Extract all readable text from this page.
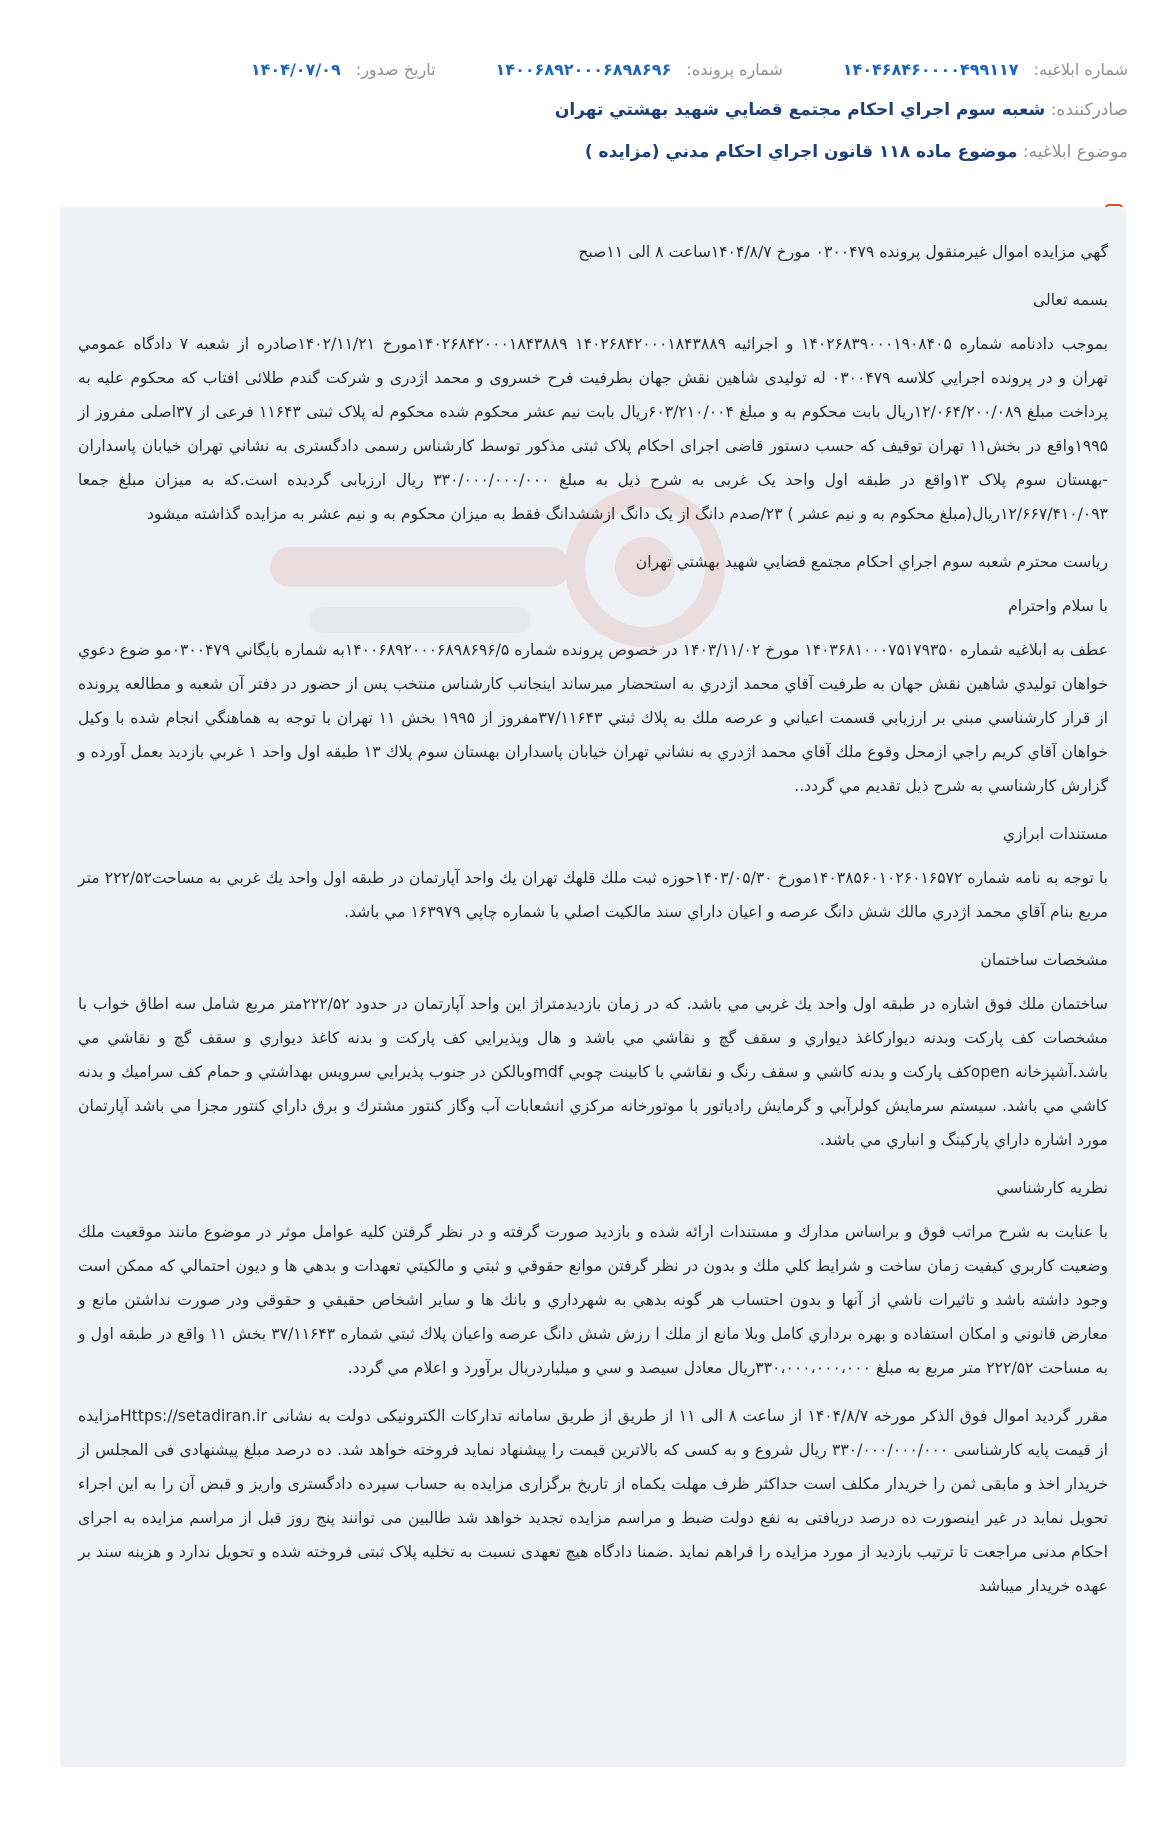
شماره ابلاغيه: ۱۴۰۴۶۸۴۶۰۰۰۰۴۹۹۱۱۷
شماره پرونده: ۱۴۰۰۶۸۹۲۰۰۰۶۸۹۸۶۹۶
تاريخ صدور: ۱۴۰۴/۰۷/۰۹
صادرکننده: شعبه سوم اجراي احكام مجتمع قضايي شهيد بهشتي تهران
موضوع ابلاغيه: موضوع ماده ۱۱۸ قانون اجراي احكام مدني (مزايده )

گهي مزايده اموال غيرمنقول پرونده ۰۳۰۰۴۷۹ مورخ ۱۴۰۴/۸/۷ساعت ۸ الی ۱۱صبح

بسمه تعالی

بموجب دادنامه شماره ۱۴۰۲۶۸۳۹۰۰۰۱۹۰۸۴۰۵ و اجرائیه ۱۴۰۲۶۸۴۲۰۰۰۱۸۴۳۸۸۹ ۱۴۰۲۶۸۴۲۰۰۰۱۸۴۳۸۸۹مورخ ۱۴۰۲/۱۱/۲۱صادره از شعبه ۷ دادگاه عمومي تهران و در پرونده اجرايي کلاسه ۰۳۰۰۴۷۹ له تولیدی شاهین نقش جهان بطرفیت فرح خسروی و محمد اژدری و شرکت گندم طلائی افتاب که محکوم علیه به پرداخت مبلغ ۱۲/۰۶۴/۲۰۰/۰۸۹ریال بابت محکوم به و مبلغ ۶۰۳/۲۱۰/۰۰۴ریال بابت نیم عشر محکوم شده محکوم له پلاک ثبتی ۱۱۶۴۳ فرعی از ۳۷اصلی مفروز از ۱۹۹۵واقع در بخش۱۱ تهران توقیف که حسب دستور قاضی اجرای احکام پلاک ثبتی مذکور توسط کارشناس رسمی دادگستری به نشاني تهران خيابان پاسداران -بهستان سوم پلاک ۱۳واقع در طبقه اول واحد یک غربی به شرح ذیل به مبلغ ۳۳۰/۰۰۰/۰۰۰/۰۰۰ ريال ارزيابی گرديده است.که به میزان مبلغ جمعا ۱۲/۶۶۷/۴۱۰/۰۹۳ریال(مبلغ محکوم به و نیم عشر ) ۲۳/صدم دانگ از یک دانگ ازششدانگ فقط به میزان محکوم به و نیم عشر به مزایده گذاشته میشود

رياست محترم شعبه سوم اجراي احكام مجتمع قضايي شهيد بهشتي تهران

با سلام واحترام

عطف به ابلاغيه شماره ۱۴۰۳۶۸۱۰۰۰۷۵۱۷۹۳۵۰ مورخ ۱۴۰۳/۱۱/۰۲ در خصوص پرونده شماره ۱۴۰۰۶۸۹۲۰۰۰۶۸۹۸۶۹۶/۵به شماره بايگاني ۰۳۰۰۴۷۹مو ضوع دعوي خواهان توليدي شاهين نقش جهان به طرفيت آقاي محمد اژدري به استحضار ميرساند اينجانب كارشناس منتخب پس از حضور در دفتر آن شعبه و مطالعه پرونده از قرار كارشناسي مبني بر ارزيابي قسمت اعياني و عرصه ملك به پلاك ثبتي ۳۷/۱۱۶۴۳مفروز از ۱۹۹۵ بخش ۱۱ تهران با توجه به هماهنگي انجام شده با وكيل خواهان آقاي كريم راجي ازمحل وقوع ملك آقاي محمد اژدري به نشاني تهران خيابان پاسداران بهستان سوم پلاك ۱۳ طبقه اول واحد ۱ غربي بازديد بعمل آورده و گزارش كارشناسي به شرح ذيل تقديم مي گردد..

مستندات ابرازي

با توجه به نامه شماره ۱۴۰۳۸۵۶۰۱۰۲۶۰۱۶۵۷۲مورخ ۱۴۰۳/۰۵/۳۰حوزه ثبت ملك قلهك تهران يك واحد آپارتمان در طبقه اول واحد يك غربي به مساحت۲۲۲/۵۲ متر مربع بنام آقاي محمد اژدري مالك شش دانگ عرصه و اعيان داراي سند مالكيت اصلي با شماره چاپي ۱۶۳۹۷۹ مي باشد.

مشخصات ساختمان

ساختمان ملك فوق اشاره در طبقه اول واحد يك غربي مي باشد. كه در زمان بازديدمتراژ اين واحد آپارتمان در حدود ۲۲۲/۵۲متر مربع شامل سه اطاق خواب با مشخصات كف پاركت وبدنه ديواركاغذ ديواري و سقف گچ و نقاشي مي باشد و هال وپذيرايي كف پاركت و بدنه كاغذ ديواري و سقف گچ و نقاشي مي باشد.آشپزخانه openكف پاركت و بدنه كاشي و سقف رنگ و نقاشي با كابينت چوبي mdfوبالكن در جنوب پذيرايي سرويس بهداشتي و حمام كف سراميك و بدنه كاشي مي باشد. سيستم سرمايش كولرآبي و گرمايش رادياتور با موتورخانه مركزي انشعابات آب وگاز كنتور مشترك و برق داراي كنتور مجزا مي باشد آپارتمان مورد اشاره داراي پاركينگ و انباري مي باشد.

نظريه كارشناسي

با عنايت به شرح مراتب فوق و براساس مدارك و مستندات ارائه شده و بازديد صورت گرفته و در نظر گرفتن كليه عوامل موثر در موضوع مانند موقعيت ملك وضعيت كاربري كيفيت زمان ساخت و شرايط كلي ملك و بدون در نظر گرفتن موانع حقوقي و ثبتي و مالكيتي تعهدات و بدهي ها و ديون احتمالي كه ممكن است وجود داشته باشد و تاثيرات ناشي از آنها و بدون احتساب هر گونه بدهي به شهرداري و بانك ها و ساير اشخاص حقيقي و حقوقي ودر صورت نداشتن مانع و معارض قانوني و امكان استفاده و بهره برداري كامل وبلا مانع از ملك ا رزش شش دانگ عرصه واعيان پلاك ثبتي شماره ۳۷/۱۱۶۴۳ بخش ۱۱ واقع در طبقه اول و به مساحت ۲۲۲/۵۲ متر مربع به مبلغ ۳۳۰،۰۰۰،۰۰۰،۰۰۰ريال معادل سيصد و سي و ميلياردريال برآورد و اعلام مي گردد.

مقرر گردید اموال فوق الذکر مورخه ۱۴۰۴/۸/۷ از ساعت ۸ الی ۱۱ از طریق از طریق سامانه تدارکات الکترونیکی دولت به نشانی Https://setadiran.irمزایده از قیمت پایه کارشناسی ۳۳۰/۰۰۰/۰۰۰/۰۰۰ ریال شروع و به کسی که بالاترین قیمت را پیشنهاد نماید فروخته خواهد شد. ده درصد مبلغ پیشنهادی فی المجلس از خریدار اخذ و مابقی ثمن را خریدار مکلف است حداکثر ظرف مهلت یکماه از تاریخ برگزاری مزایده به حساب سپرده دادگستری واریز و قبض آن را به این اجراء تحویل نماید در غیر اینصورت ده درصد دریافتی به نفع دولت ضبط و مراسم مزایده تجدید خواهد شد طالبین می توانند پنج روز قبل از مراسم مزایده به اجرای احکام مدنی مراجعت تا ترتیب بازدید از مورد مزایده را فراهم نماید .ضمنا دادگاه هیچ تعهدی نسبت به تخلیه پلاک ثبتی فروخته شده و تحویل ندارد و هزینه سند بر عهده خریدار میباشد
